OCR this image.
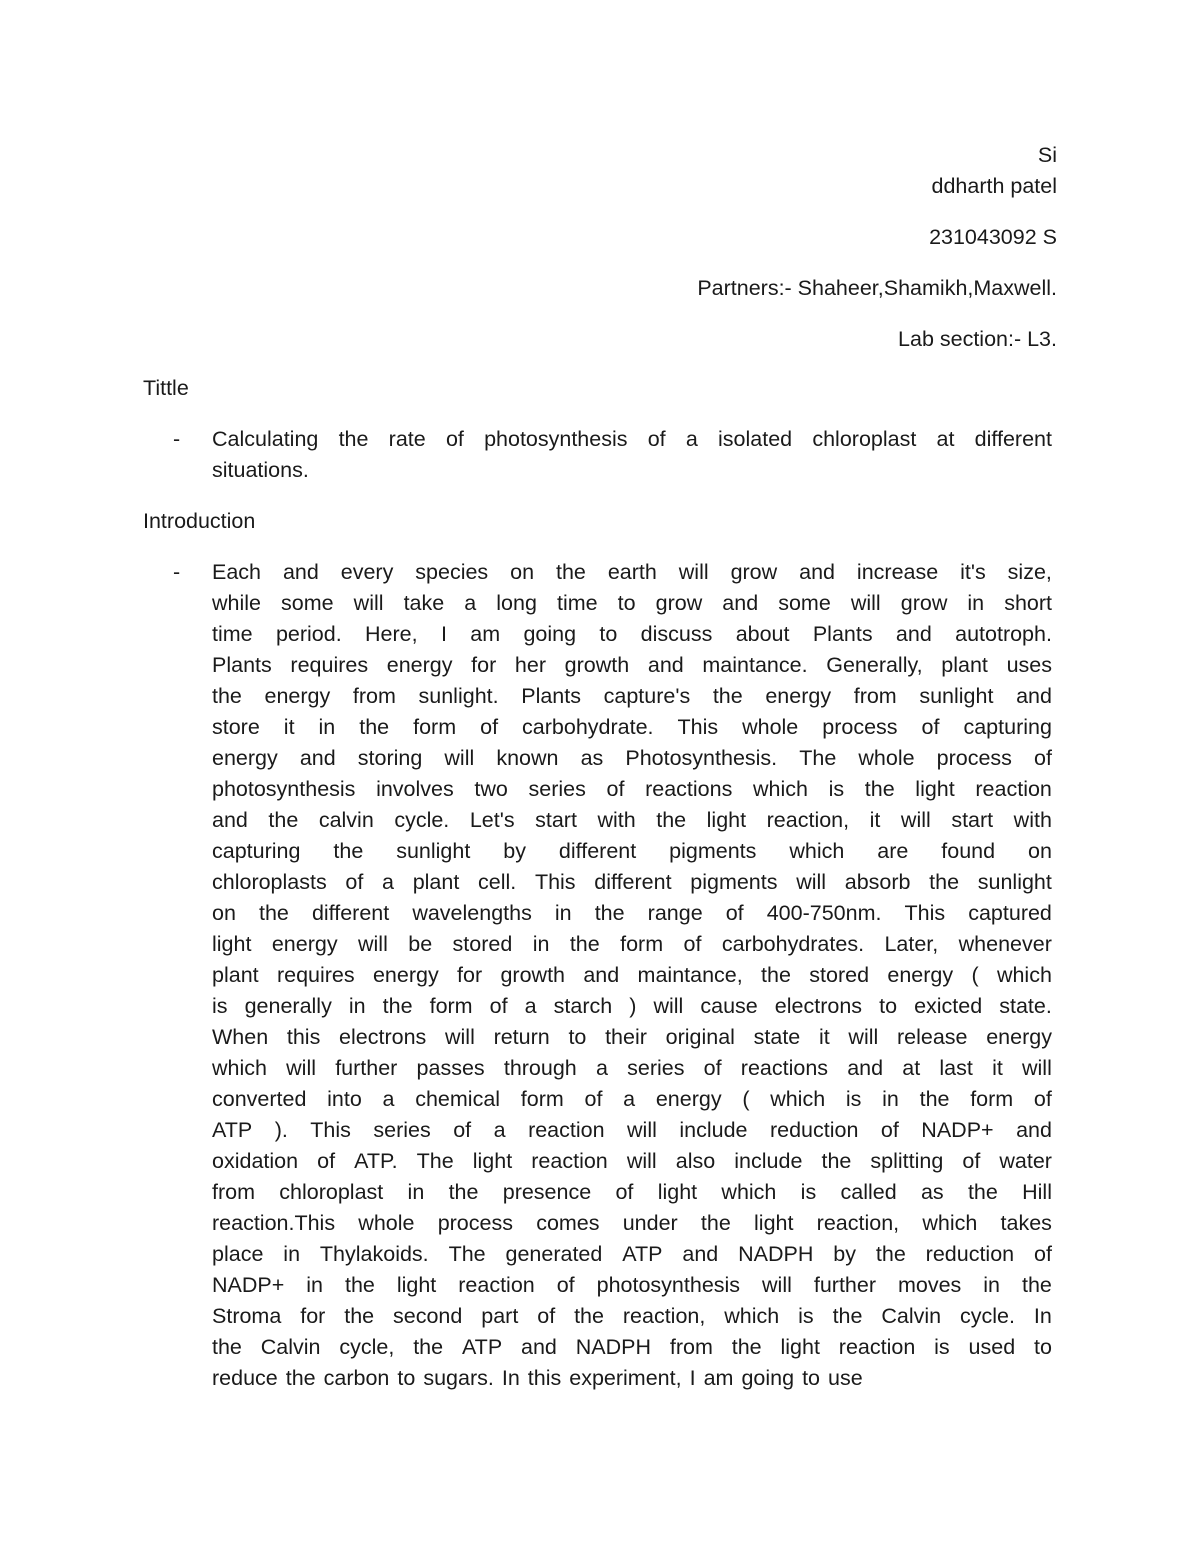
Si
ddharth patel
231043092 S
Partners:- Shaheer,Shamikh,Maxwell.
Lab section:- L3.
Tittle
- Calculating the rate of photosynthesis of a isolated chloroplast at different
situations.
Introduction
- Each and every species on the earth will grow and increase it's size,
while some will take a long time to grow and some will grow in short
time period. Here, I am going to discuss about Plants and autotroph.
Plants requires energy for her growth and maintance. Generally, plant uses
the energy from sunlight. Plants capture's the energy from sunlight and
store it in the form of carbohydrate. This whole process of capturing
energy and storing will known as Photosynthesis. The whole process of
photosynthesis involves two series of reactions which is the light reaction
and the calvin cycle. Let's start with the light reaction, it will start with
capturing the sunlight by different pigments which are found on
chloroplasts of a plant cell. This different pigments will absorb the sunlight
on the different wavelengths in the range of 400-750nm. This captured
light energy will be stored in the form of carbohydrates. Later, whenever
plant requires energy for growth and maintance, the stored energy ( which
is generally in the form of a starch ) will cause electrons to exicted state.
When this electrons will return to their original state it will release energy
which will further passes through a series of reactions and at last it will
converted into a chemical form of a energy ( which is in the form of
ATP ). This series of a reaction will include reduction of NADP+ and
oxidation of ATP. The light reaction will also include the splitting of water
from chloroplast in the presence of light which is called as the Hill
reaction.This whole process comes under the light reaction, which takes
place in Thylakoids. The generated ATP and NADPH by the reduction of
NADP+ in the light reaction of photosynthesis will further moves in the
Stroma for the second part of the reaction, which is the Calvin cycle. In
the Calvin cycle, the ATP and NADPH from the light reaction is used to
reduce the carbon to sugars. In this experiment, I am going to use
